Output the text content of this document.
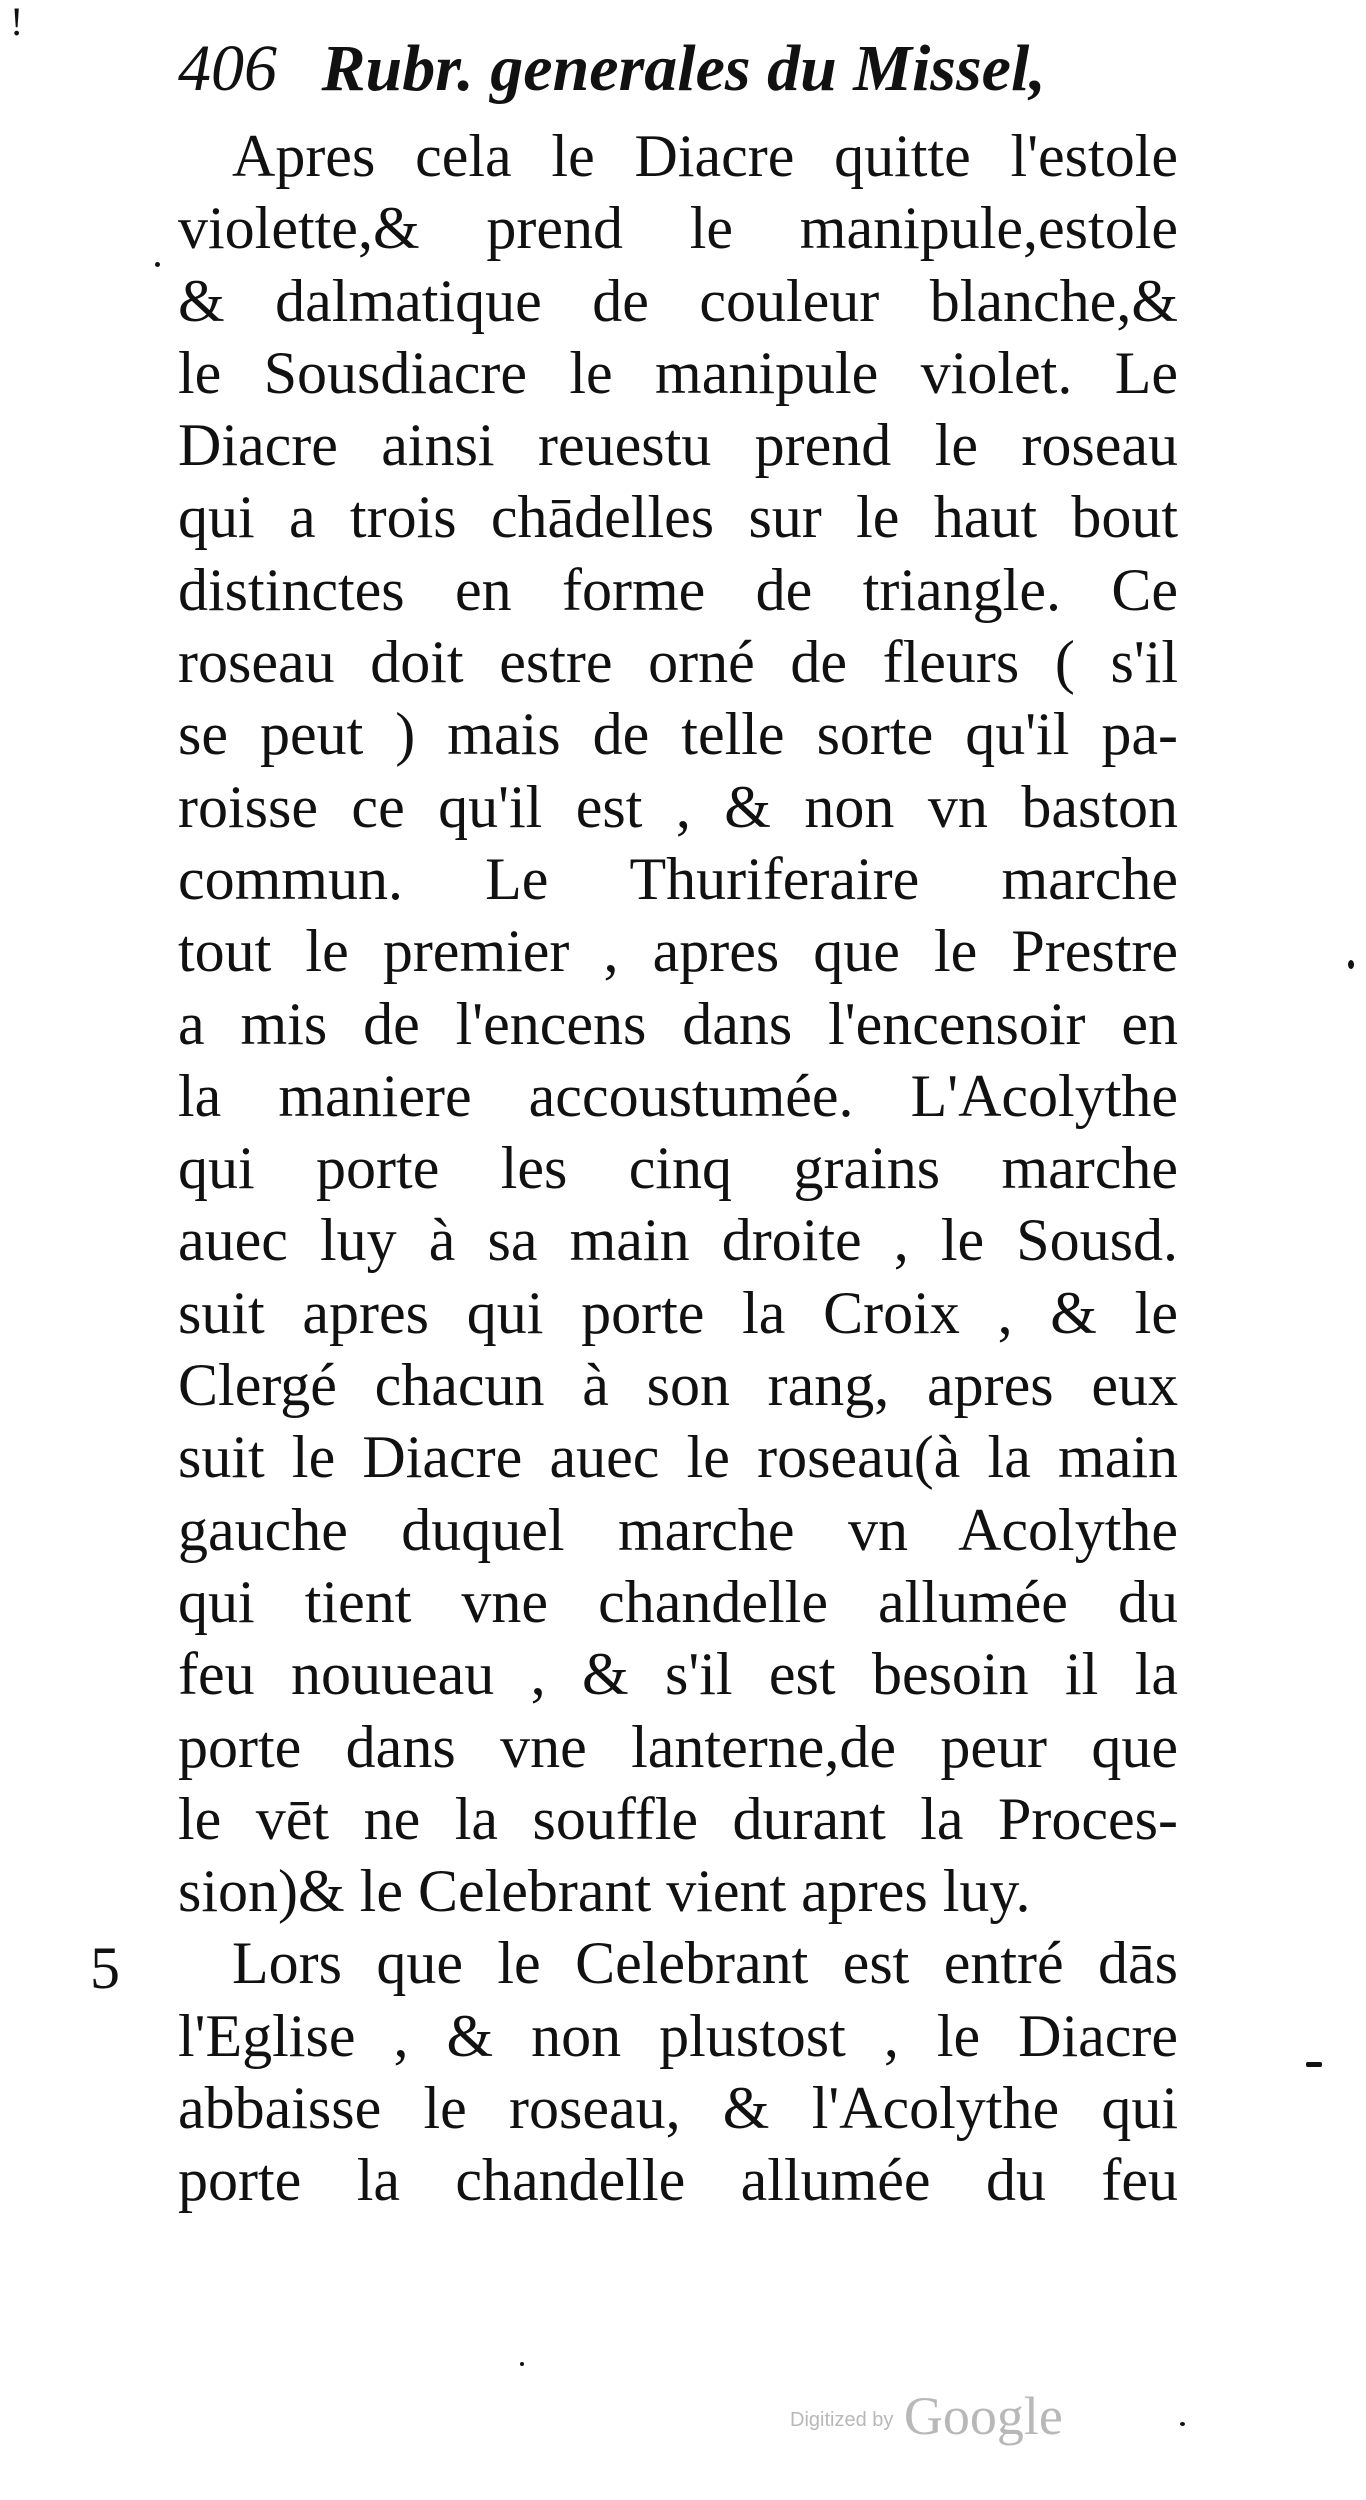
!
406 Rubr. generales du Missel,
Apres cela le Diacre quitte l'estole
violette,& prend le manipule,estole
& dalmatique de couleur blanche,&
le Sousdiacre le manipule violet. Le
Diacre ainsi reuestu prend le roseau
qui a trois chādelles sur le haut bout
distinctes en forme de triangle. Ce
roseau doit estre orné de fleurs ( s'il
se peut ) mais de telle sorte qu'il pa-
roisse ce qu'il est , & non vn baston
commun. Le Thuriferaire marche
tout le premier , apres que le Prestre
a mis de l'encens dans l'encensoir en
la maniere accoustumée. L'Acolythe
qui porte les cinq grains marche
auec luy à sa main droite , le Sousd.
suit apres qui porte la Croix , & le
Clergé chacun à son rang, apres eux
suit le Diacre auec le roseau(à la main
gauche duquel marche vn Acolythe
qui tient vne chandelle allumée du
feu nouueau , & s'il est besoin il la
porte dans vne lanterne,de peur que
le vēt ne la souffle durant la Proces-
sion)& le Celebrant vient apres luy.
Lors que le Celebrant est entré dās
l'Eglise , & non plustost , le Diacre
abbaisse le roseau, & l'Acolythe qui
porte la chandelle allumée du feu
5
Digitized by Google
